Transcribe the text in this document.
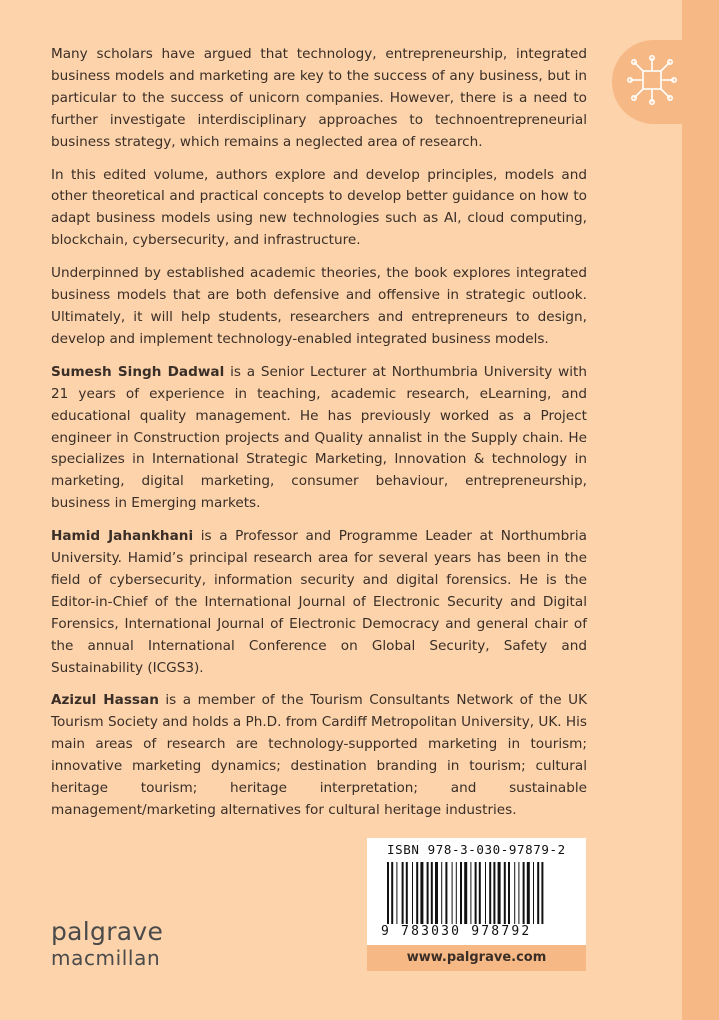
Many scholars have argued that technology, entrepreneurship, integrated business models and marketing are key to the success of any business, but in particular to the success of unicorn companies. However, there is a need to further investigate interdisciplinary approaches to technoentrepreneurial business strategy, which remains a neglected area of research.

In this edited volume, authors explore and develop principles, models and other theoretical and practical concepts to develop better guidance on how to adapt business models using new technologies such as AI, cloud computing, blockchain, cybersecurity, and infrastructure.

Underpinned by established academic theories, the book explores integrated business models that are both defensive and offensive in strategic outlook. Ultimately, it will help students, researchers and entrepreneurs to design, develop and implement technology-enabled integrated business models.

Sumesh Singh Dadwal is a Senior Lecturer at Northumbria University with 21 years of experience in teaching, academic research, eLearning, and educational quality management. He has previously worked as a Project engineer in Construction projects and Quality annalist in the Supply chain. He specializes in International Strategic Marketing, Innovation & technology in marketing, digital marketing, consumer behaviour, entrepreneurship, business in Emerging markets.

Hamid Jahankhani is a Professor and Programme Leader at Northumbria University. Hamid’s principal research area for several years has been in the field of cybersecurity, information security and digital forensics. He is the Editor-in-Chief of the International Journal of Electronic Security and Digital Forensics, International Journal of Electronic Democracy and general chair of the annual International Conference on Global Security, Safety and Sustainability (ICGS3).

Azizul Hassan is a member of the Tourism Consultants Network of the UK Tourism Society and holds a Ph.D. from Cardiff Metropolitan University, UK. His main areas of research are technology-supported marketing in tourism; innovative marketing dynamics; destination branding in tourism; cultural heritage tourism; heritage interpretation; and sustainable management/marketing alternatives for cultural heritage industries.

ISBN 978-3-030-97879-2
9 783030 978792
www.palgrave.com
palgrave
macmillan
